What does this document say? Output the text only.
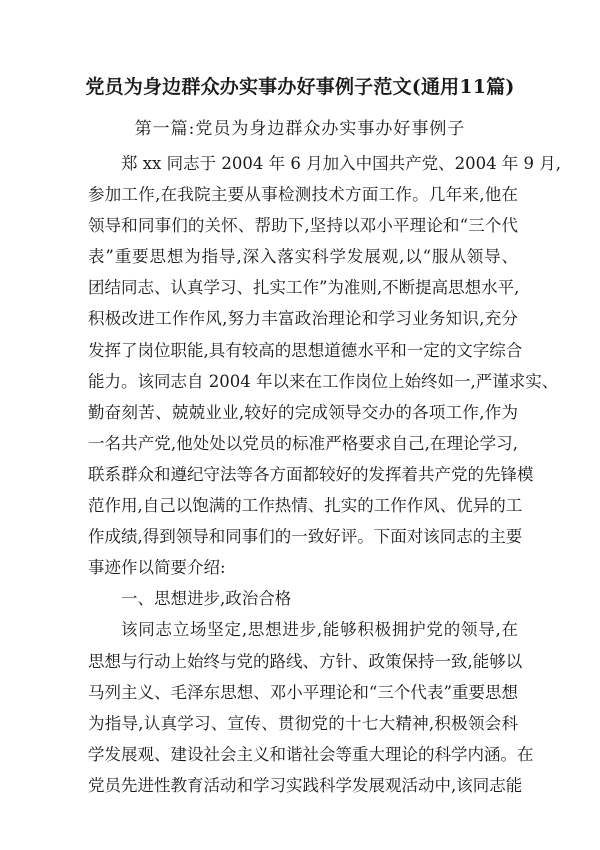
党员为身边群众办实事办好事例子范文(通用11篇)
第一篇:党员为身边群众办实事办好事例子
郑 xx 同志于 2004 年 6 月加入中国共产党、2004 年 9 月,
参加工作,在我院主要从事检测技术方面工作。几年来,他在
领导和同事们的关怀、帮助下,坚持以邓小平理论和“三个代
表”重要思想为指导,深入落实科学发展观,以“服从领导、
团结同志、认真学习、扎实工作”为准则,不断提高思想水平,
积极改进工作作风,努力丰富政治理论和学习业务知识,充分
发挥了岗位职能,具有较高的思想道德水平和一定的文字综合
能力。该同志自 2004 年以来在工作岗位上始终如一,严谨求实、
勤奋刻苦、兢兢业业,较好的完成领导交办的各项工作,作为
一名共产党,他处处以党员的标准严格要求自己,在理论学习,
联系群众和遵纪守法等各方面都较好的发挥着共产党的先锋模
范作用,自己以饱满的工作热情、扎实的工作作风、优异的工
作成绩,得到领导和同事们的一致好评。下面对该同志的主要
事迹作以简要介绍:
一、思想进步,政治合格
该同志立场坚定,思想进步,能够积极拥护党的领导,在
思想与行动上始终与党的路线、方针、政策保持一致,能够以
马列主义、毛泽东思想、邓小平理论和“三个代表”重要思想
为指导,认真学习、宣传、贯彻党的十七大精神,积极领会科
学发展观、建设社会主义和谐社会等重大理论的科学内涵。在
党员先进性教育活动和学习实践科学发展观活动中,该同志能
